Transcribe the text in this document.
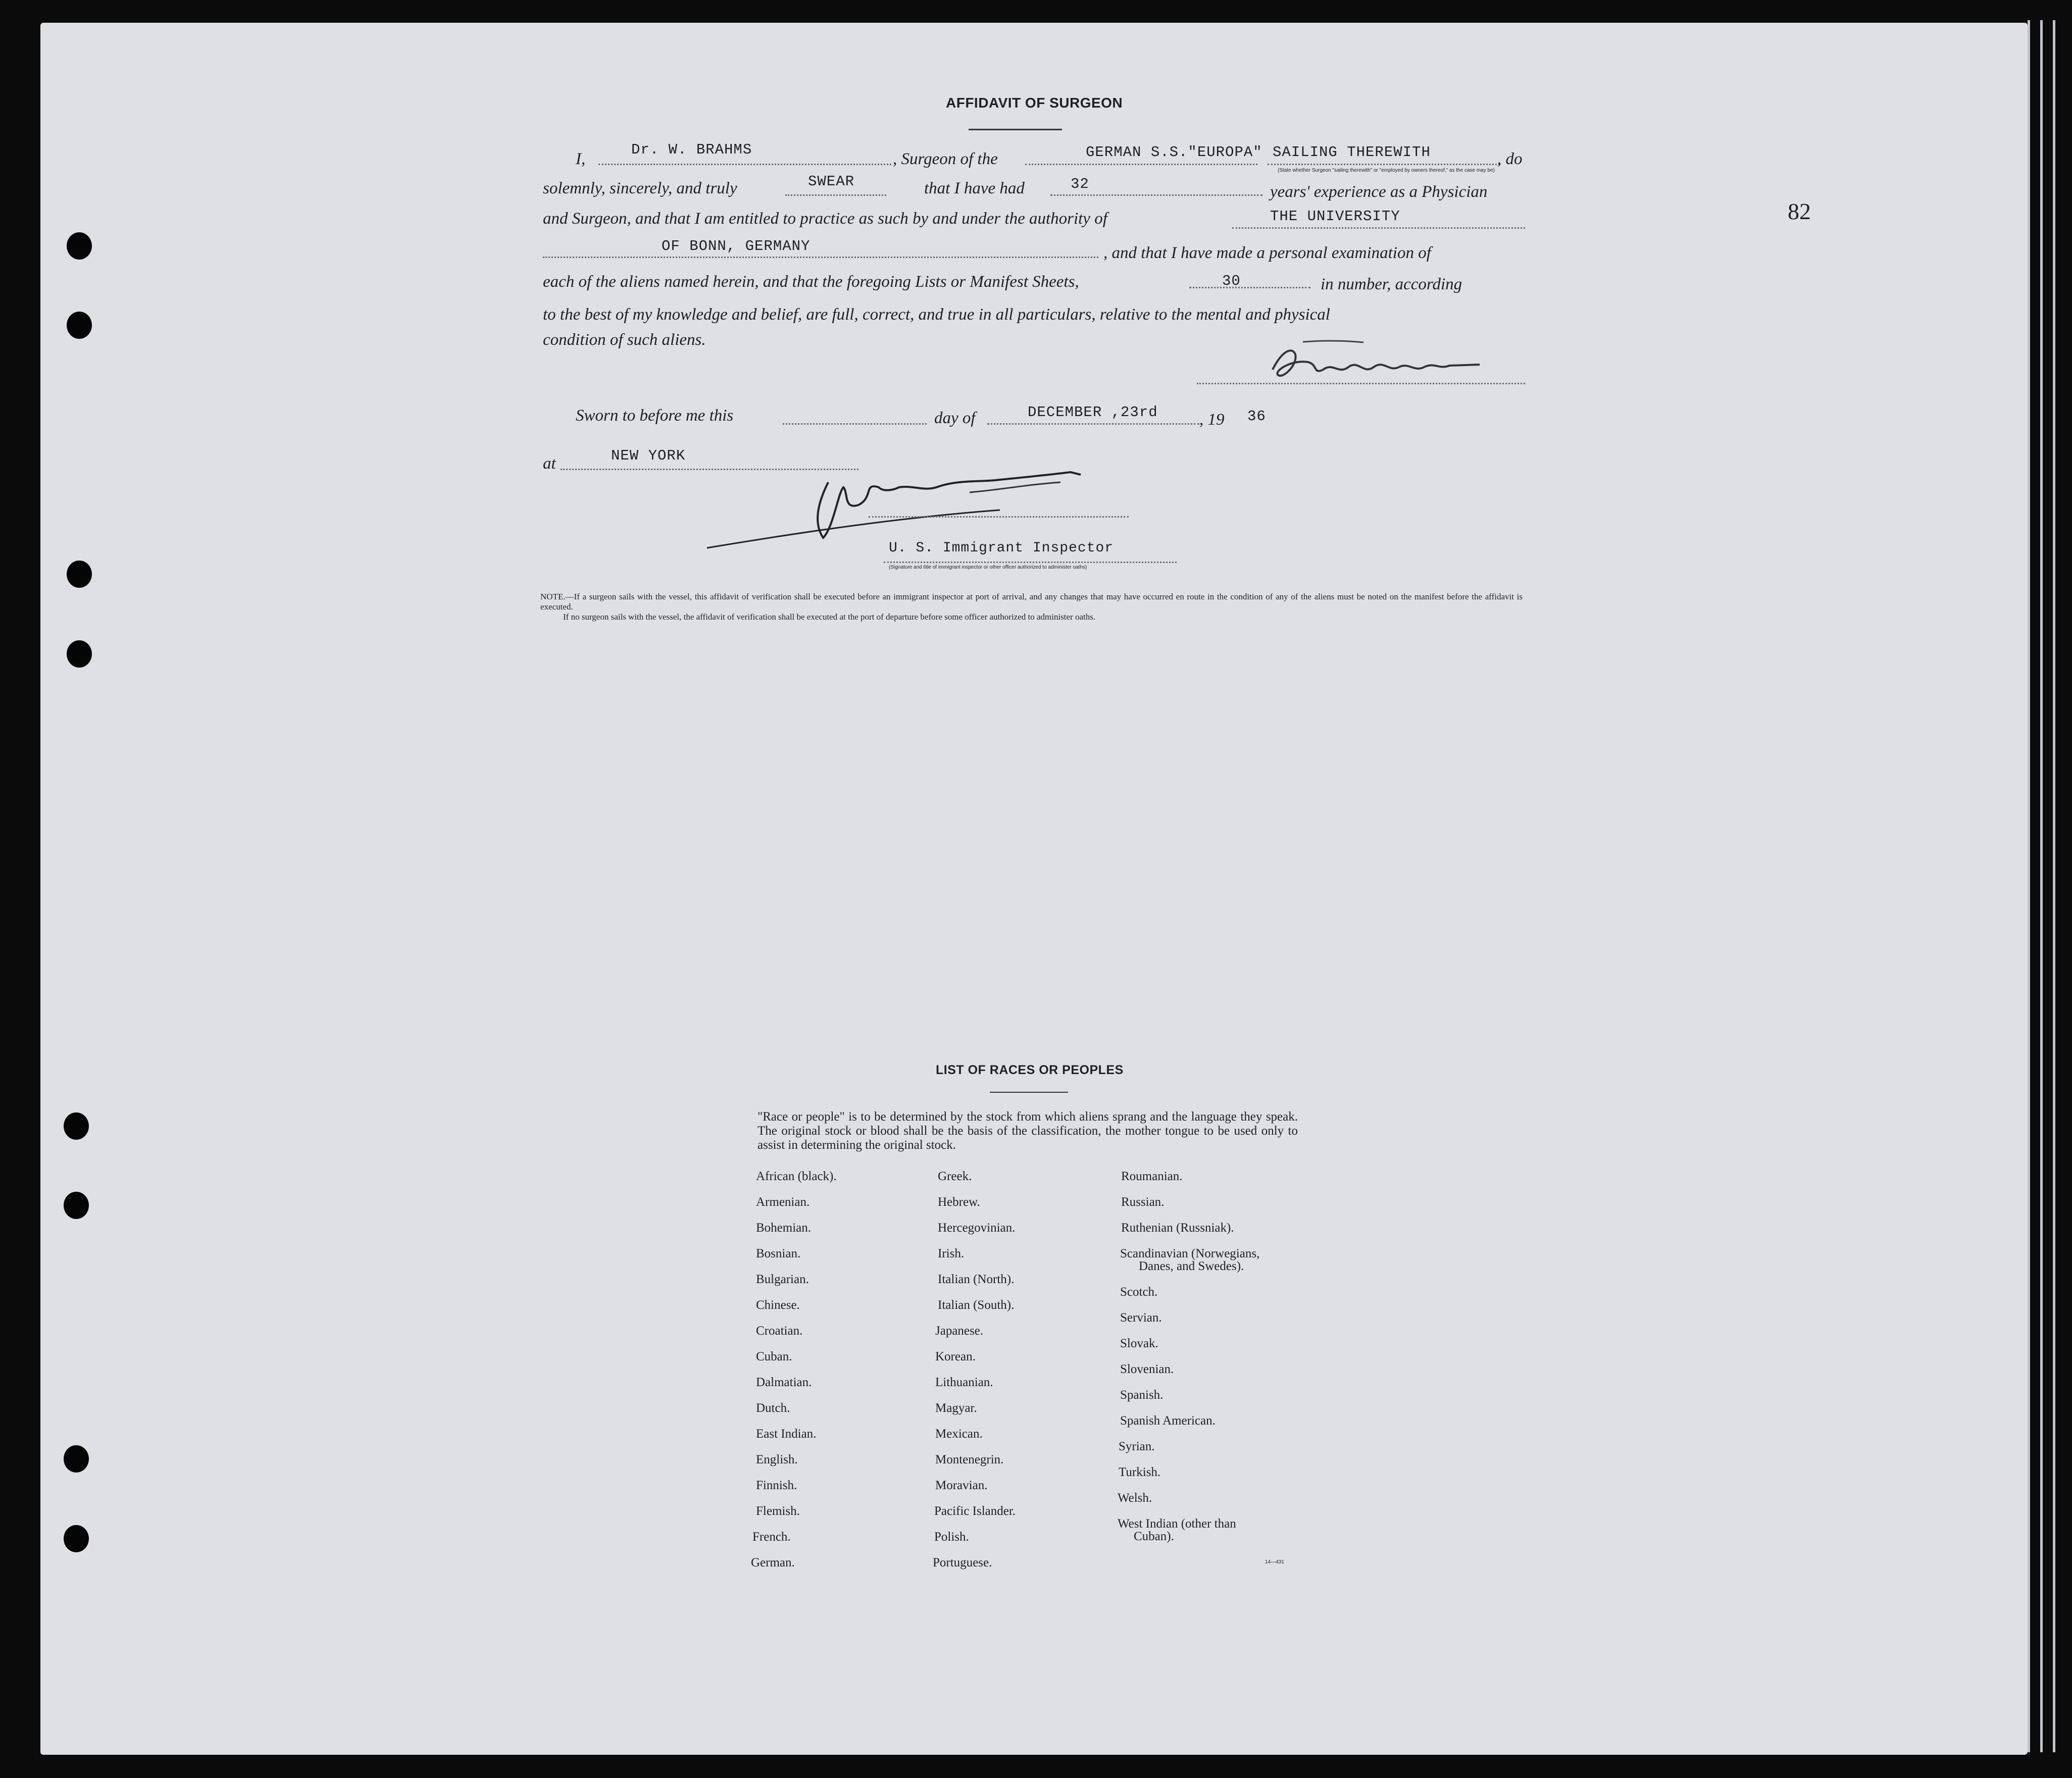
82
AFFIDAVIT OF SURGEON
I,
Dr. W. BRAHMS
, Surgeon of the	GERMAN S.S."EUROPA" SAILING THEREWITH	, do
(State whether Surgeon "sailing therewith" or "employed by owners thereof," as the case may be)
solemnly, sincerely, and truly	SWEAR	that I have had	32	years' experience as a Physician
and Surgeon, and that I am entitled to practice as such by and under the authority of	THE UNIVERSITY
OF BONN, GERMANY	, and that I have made a personal examination of
each of the aliens named herein, and that the foregoing Lists or Manifest Sheets,	30	in number, according
to the best of my knowledge and belief, are full, correct, and true in all particulars, relative to the mental and physical
condition of such aliens.
Sworn to before me this	day of	DECEMBER ,23rd , 19 36
at	NEW YORK
U. S. Immigrant Inspector
(Signature and title of immigrant inspector or other officer authorized to administer oaths)
NOTE.—If a surgeon sails with the vessel, this affidavit of verification shall be executed before an immigrant inspector at port of arrival, and any changes that may have occurred en route in the condition of any of the aliens must be noted on the manifest before the affidavit is executed.
If no surgeon sails with the vessel, the affidavit of verification shall be executed at the port of departure before some officer authorized to administer oaths.
LIST OF RACES OR PEOPLES
"Race or people" is to be determined by the stock from which aliens sprang and the language they speak. The original stock or blood shall be the basis of the classification, the mother tongue to be used only to assist in determining the original stock.
African (black).
Armenian.
Bohemian.
Bosnian.
Bulgarian.
Chinese.
Croatian.
Cuban.
Dalmatian.
Dutch.
East Indian.
English.
Finnish.
Flemish.
French.
German.
Greek.
Hebrew.
Hercegovinian.
Irish.
Italian (North).
Italian (South).
Japanese.
Korean.
Lithuanian.
Magyar.
Mexican.
Montenegrin.
Moravian.
Pacific Islander.
Polish.
Portuguese.
Roumanian.
Russian.
Ruthenian (Russniak).
Scandinavian (Norwegians,
Danes, and Swedes).
Scotch.
Servian.
Slovak.
Slovenian.
Spanish.
Spanish American.
Syrian.
Turkish.
Welsh.
West Indian (other than
Cuban).
14—431
